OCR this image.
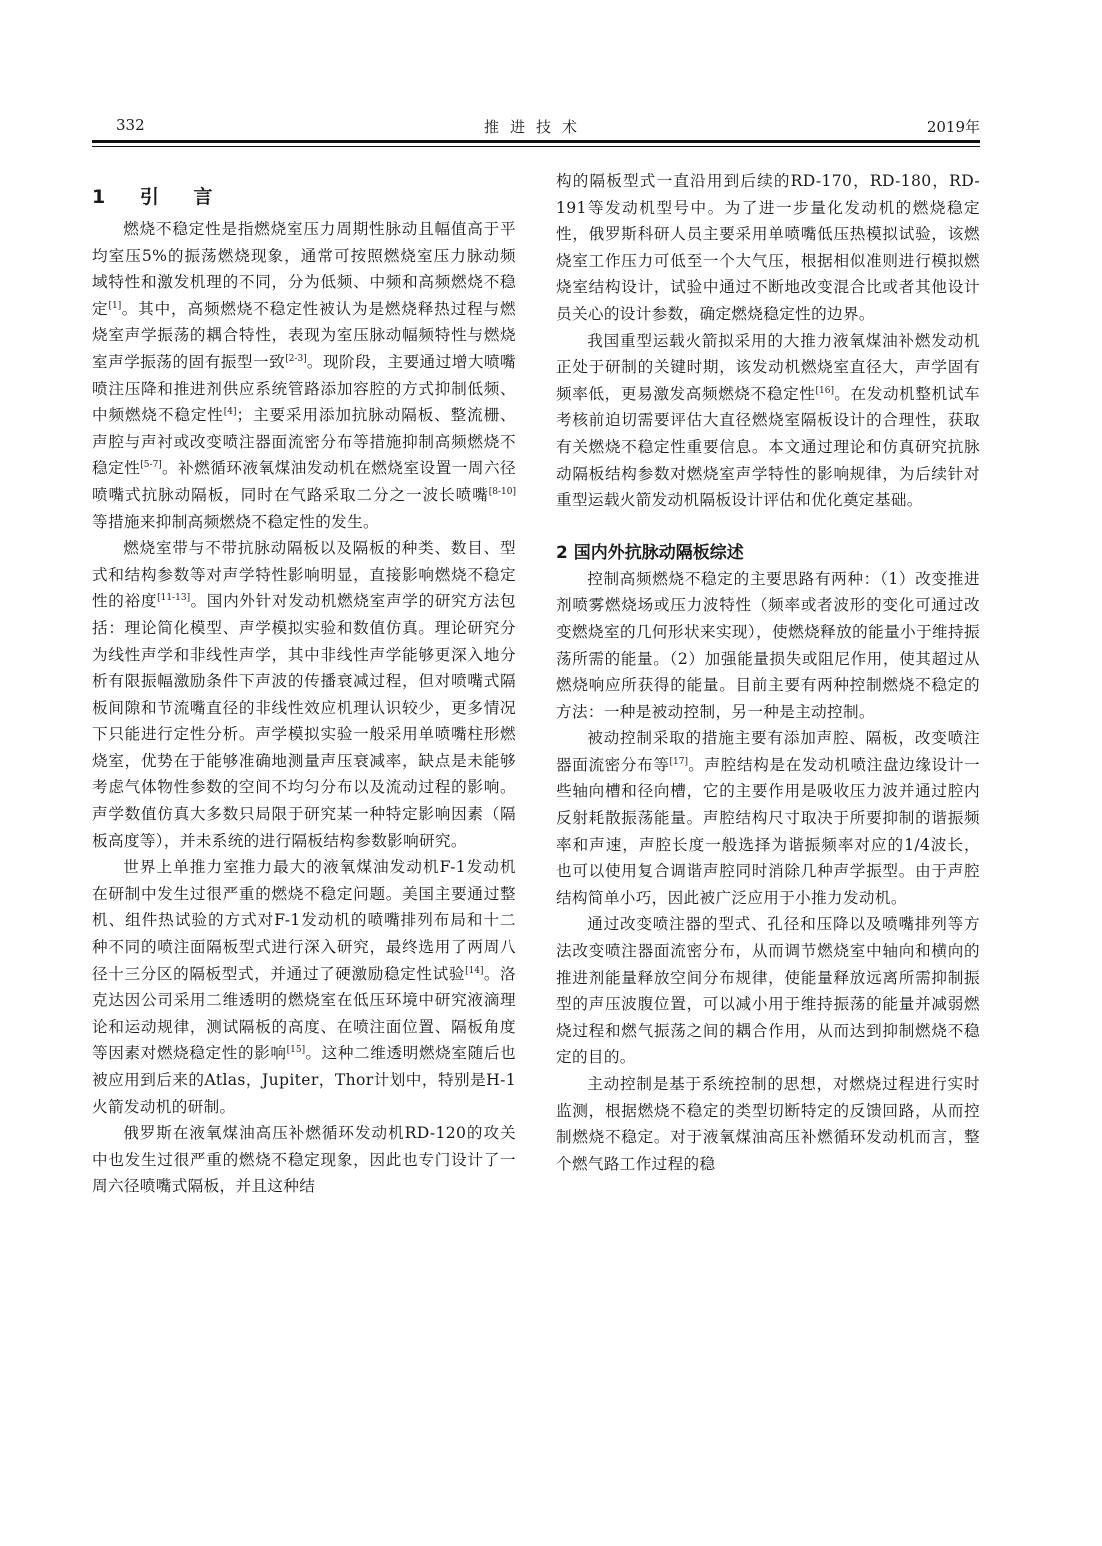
332	推进技术	2019年
1 引 言

燃烧不稳定性是指燃烧室压力周期性脉动且幅值高于平均室压5%的振荡燃烧现象，通常可按照燃烧室压力脉动频域特性和激发机理的不同，分为低频、中频和高频燃烧不稳定[1]。其中，高频燃烧不稳定性被认为是燃烧释热过程与燃烧室声学振荡的耦合特性，表现为室压脉动幅频特性与燃烧室声学振荡的固有振型一致[2-3]。现阶段，主要通过增大喷嘴喷注压降和推进剂供应系统管路添加容腔的方式抑制低频、中频燃烧不稳定性[4]；主要采用添加抗脉动隔板、整流栅、声腔与声衬或改变喷注器面流密分布等措施抑制高频燃烧不稳定性[5-7]。补燃循环液氧煤油发动机在燃烧室设置一周六径喷嘴式抗脉动隔板，同时在气路采取二分之一波长喷嘴[8-10]等措施来抑制高频燃烧不稳定性的发生。

燃烧室带与不带抗脉动隔板以及隔板的种类、数目、型式和结构参数等对声学特性影响明显，直接影响燃烧不稳定性的裕度[11-13]。国内外针对发动机燃烧室声学的研究方法包括：理论简化模型、声学模拟实验和数值仿真。理论研究分为线性声学和非线性声学，其中非线性声学能够更深入地分析有限振幅激励条件下声波的传播衰减过程，但对喷嘴式隔板间隙和节流嘴直径的非线性效应机理认识较少，更多情况下只能进行定性分析。声学模拟实验一般采用单喷嘴柱形燃烧室，优势在于能够准确地测量声压衰减率，缺点是未能够考虑气体物性参数的空间不均匀分布以及流动过程的影响。声学数值仿真大多数只局限于研究某一种特定影响因素（隔板高度等），并未系统的进行隔板结构参数影响研究。

世界上单推力室推力最大的液氧煤油发动机F-1发动机在研制中发生过很严重的燃烧不稳定问题。美国主要通过整机、组件热试验的方式对F-1发动机的喷嘴排列布局和十二种不同的喷注面隔板型式进行深入研究，最终选用了两周八径十三分区的隔板型式，并通过了硬激励稳定性试验[14]。洛克达因公司采用二维透明的燃烧室在低压环境中研究液滴理论和运动规律，测试隔板的高度、在喷注面位置、隔板角度等因素对燃烧稳定性的影响[15]。这种二维透明燃烧室随后也被应用到后来的Atlas，Jupiter，Thor计划中，特别是H-1火箭发动机的研制。

俄罗斯在液氧煤油高压补燃循环发动机RD-120的攻关中也发生过很严重的燃烧不稳定现象，因此也专门设计了一周六径喷嘴式隔板，并且这种结

构的隔板型式一直沿用到后续的RD-170，RD-180，RD-191等发动机型号中。为了进一步量化发动机的燃烧稳定性，俄罗斯科研人员主要采用单喷嘴低压热模拟试验，该燃烧室工作压力可低至一个大气压，根据相似准则进行模拟燃烧室结构设计，试验中通过不断地改变混合比或者其他设计员关心的设计参数，确定燃烧稳定性的边界。

我国重型运载火箭拟采用的大推力液氧煤油补燃发动机正处于研制的关键时期，该发动机燃烧室直径大，声学固有频率低，更易激发高频燃烧不稳定性[16]。在发动机整机试车考核前迫切需要评估大直径燃烧室隔板设计的合理性，获取有关燃烧不稳定性重要信息。本文通过理论和仿真研究抗脉动隔板结构参数对燃烧室声学特性的影响规律，为后续针对重型运载火箭发动机隔板设计评估和优化奠定基础。

2 国内外抗脉动隔板综述

控制高频燃烧不稳定的主要思路有两种：（1）改变推进剂喷雾燃烧场或压力波特性（频率或者波形的变化可通过改变燃烧室的几何形状来实现），使燃烧释放的能量小于维持振荡所需的能量。（2）加强能量损失或阻尼作用，使其超过从燃烧响应所获得的能量。目前主要有两种控制燃烧不稳定的方法：一种是被动控制，另一种是主动控制。

被动控制采取的措施主要有添加声腔、隔板，改变喷注器面流密分布等[17]。声腔结构是在发动机喷注盘边缘设计一些轴向槽和径向槽，它的主要作用是吸收压力波并通过腔内反射耗散振荡能量。声腔结构尺寸取决于所要抑制的谐振频率和声速，声腔长度一般选择为谐振频率对应的1/4波长，也可以使用复合调谐声腔同时消除几种声学振型。由于声腔结构简单小巧，因此被广泛应用于小推力发动机。

通过改变喷注器的型式、孔径和压降以及喷嘴排列等方法改变喷注器面流密分布，从而调节燃烧室中轴向和横向的推进剂能量释放空间分布规律，使能量释放远离所需抑制振型的声压波腹位置，可以减小用于维持振荡的能量并减弱燃烧过程和燃气振荡之间的耦合作用，从而达到抑制燃烧不稳定的目的。

主动控制是基于系统控制的思想，对燃烧过程进行实时监测，根据燃烧不稳定的类型切断特定的反馈回路，从而控制燃烧不稳定。对于液氧煤油高压补燃循环发动机而言，整个燃气路工作过程的稳
